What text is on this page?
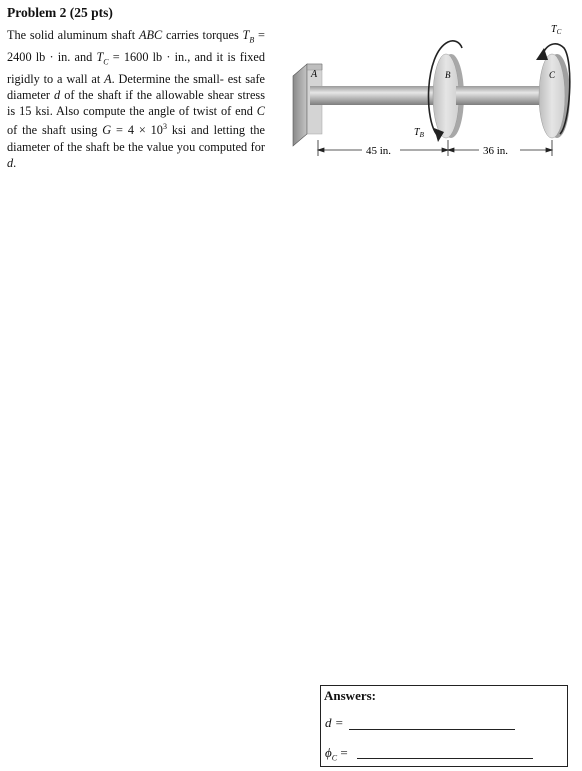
Problem 2 (25 pts)
The solid aluminum shaft ABC carries torques $T_B = 2400$ lb · in. and $T_C = 1600$ lb · in., and it is fixed rigidly to a wall at A. Determine the small- est safe diameter d of the shaft if the allowable shear stress is 15 ksi. Also compute the angle of twist of end C of the shaft using $G = 4 \times 10^3$ ksi and letting the diameter of the shaft be the value you computed for d.
A	B	C
$T_B$
$T_C$
45 in.	36 in.
Answers:
d =
$\phi_C$ =
